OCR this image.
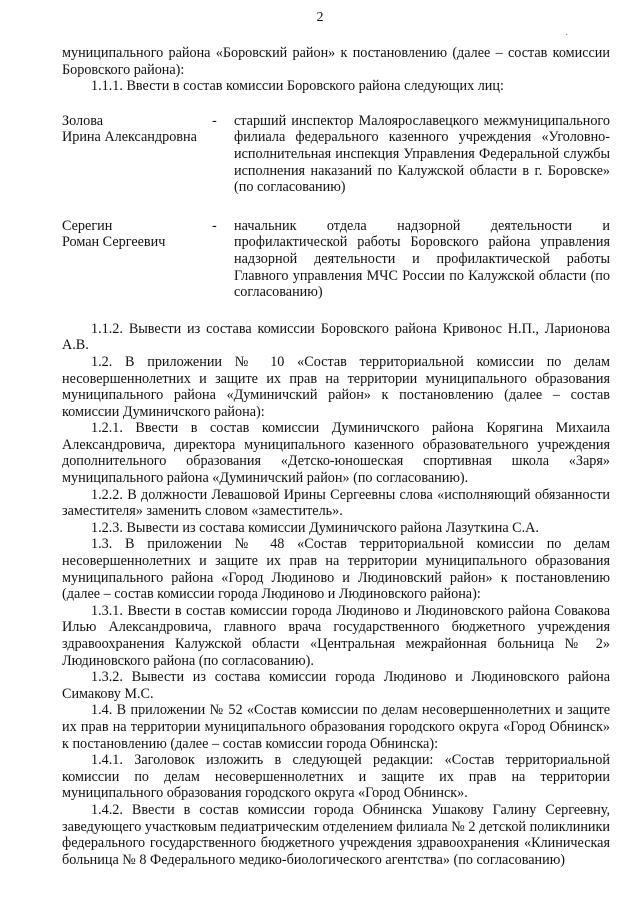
2
·

муниципального района «Боровский район» к постановлению (далее – состав комиссии Боровского района):

1.1.1. Ввести в состав комиссии Боровского района следующих лиц:

Золова
Ирина Александровна
-	старший инспектор Малоярославецкого межмуниципального филиала федерального казенного учреждения «Уголовно-исполнительная инспекция Управления Федеральной службы исполнения наказаний по Калужской области в г. Боровске» (по согласованию)
Серегин
Роман Сергеевич
-	начальник отдела надзорной деятельности и профилактической работы Боровского района управления надзорной деятельности и профилактической работы Главного управления МЧС России по Калужской области (по согласованию)

1.1.2. Вывести из состава комиссии Боровского района Кривонос Н.П., Ларионова А.В.

1.2. В приложении № 10 «Состав территориальной комиссии по делам несовершеннолетних и защите их прав на территории муниципального образования муниципального района «Думиничский район» к постановлению (далее – состав комиссии Думиничского района):

1.2.1. Ввести в состав комиссии Думиничского района Корягина Михаила Александровича, директора муниципального казенного образовательного учреждения дополнительного образования «Детско-юношеская спортивная школа «Заря» муниципального района «Думиничский район» (по согласованию).

1.2.2. В должности Левашовой Ирины Сергеевны слова «исполняющий обязанности заместителя» заменить словом «заместитель».

1.2.3. Вывести из состава комиссии Думиничского района Лазуткина С.А.

1.3. В приложении № 48 «Состав территориальной комиссии по делам несовершеннолетних и защите их прав на территории муниципального образования муниципального района «Город Людиново и Людиновский район» к постановлению (далее – состав комиссии города Людиново и Людиновского района):

1.3.1. Ввести в состав комиссии города Людиново и Людиновского района Совакова Илью Александровича, главного врача государственного бюджетного учреждения здравоохранения Калужской области «Центральная межрайонная больница № 2» Людиновского района (по согласованию).

1.3.2. Вывести из состава комиссии города Людиново и Людиновского района Симакову М.С.

1.4. В приложении № 52 «Состав комиссии по делам несовершеннолетних и защите их прав на территории муниципального образования городского округа «Город Обнинск» к постановлению (далее – состав комиссии города Обнинска):

1.4.1. Заголовок изложить в следующей редакции: «Состав территориальной комиссии по делам несовершеннолетних и защите их прав на территории муниципального образования городского округа «Город Обнинск».

1.4.2. Ввести в состав комиссии города Обнинска Ушакову Галину Сергеевну, заведующего участковым педиатрическим отделением филиала № 2 детской поликлиники федерального государственного бюджетного учреждения здравоохранения «Клиническая больница № 8 Федерального медико-биологического агентства» (по согласованию)
